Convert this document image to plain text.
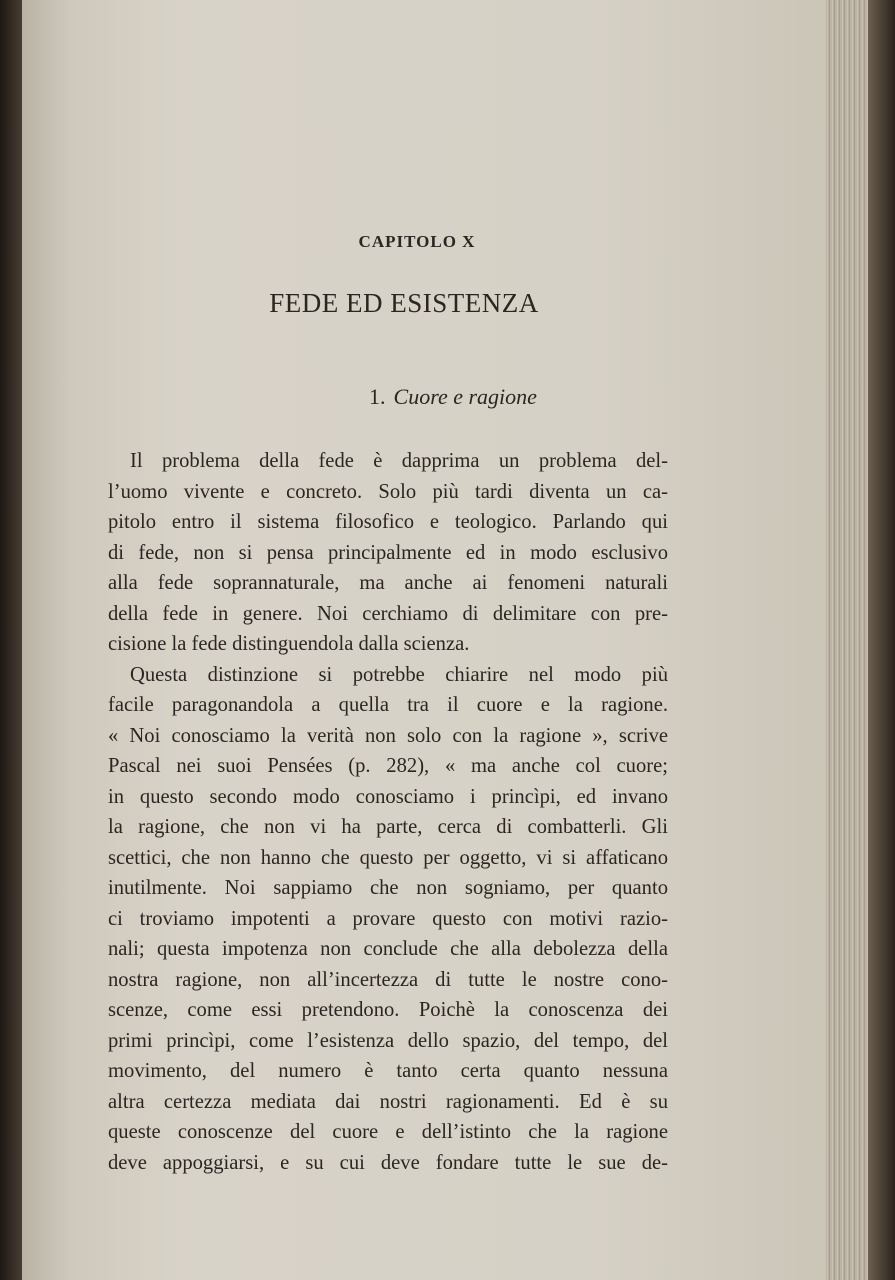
CAPITOLO X
FEDE ED ESISTENZA
1. Cuore e ragione
Il problema della fede è dapprima un problema del-
l’uomo vivente e concreto. Solo più tardi diventa un ca-
pitolo entro il sistema filosofico e teologico. Parlando qui
di fede, non si pensa principalmente ed in modo esclusivo
alla fede soprannaturale, ma anche ai fenomeni naturali
della fede in genere. Noi cerchiamo di delimitare con pre-
cisione la fede distinguendola dalla scienza.
Questa distinzione si potrebbe chiarire nel modo più
facile paragonandola a quella tra il cuore e la ragione.
« Noi conosciamo la verità non solo con la ragione », scrive
Pascal nei suoi Pensées (p. 282), « ma anche col cuore;
in questo secondo modo conosciamo i princìpi, ed invano
la ragione, che non vi ha parte, cerca di combatterli. Gli
scettici, che non hanno che questo per oggetto, vi si affaticano
inutilmente. Noi sappiamo che non sogniamo, per quanto
ci troviamo impotenti a provare questo con motivi razio-
nali; questa impotenza non conclude che alla debolezza della
nostra ragione, non all’incertezza di tutte le nostre cono-
scenze, come essi pretendono. Poichè la conoscenza dei
primi princìpi, come l’esistenza dello spazio, del tempo, del
movimento, del numero è tanto certa quanto nessuna
altra certezza mediata dai nostri ragionamenti. Ed è su
queste conoscenze del cuore e dell’istinto che la ragione
deve appoggiarsi, e su cui deve fondare tutte le sue de-
